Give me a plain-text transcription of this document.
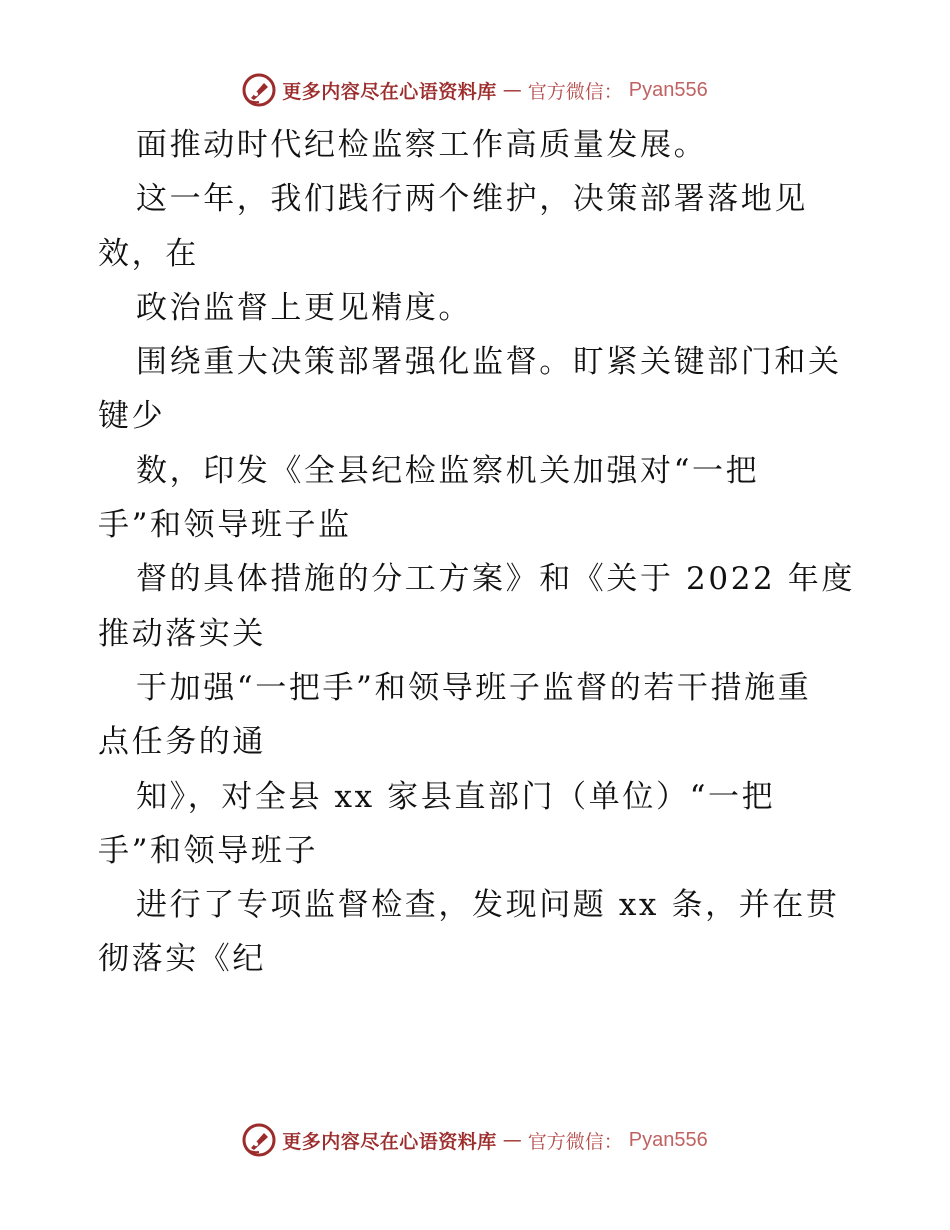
更多内容尽在心语资料库 — 官方微信： Pyan556
面推动时代纪检监察工作高质量发展。
这一年，我们践行两个维护，决策部署落地见
效，在
政治监督上更见精度。
围绕重大决策部署强化监督。盯紧关键部门和关
键少
数，印发《全县纪检监察机关加强对“一把
手”和领导班子监
督的具体措施的分工方案》和《关于 2022 年度
推动落实关
于加强“一把手”和领导班子监督的若干措施重
点任务的通
知》，对全县 xx 家县直部门（单位）“一把
手”和领导班子
进行了专项监督检查，发现问题 xx 条，并在贯
彻落实《纪
更多内容尽在心语资料库 — 官方微信： Pyan556
